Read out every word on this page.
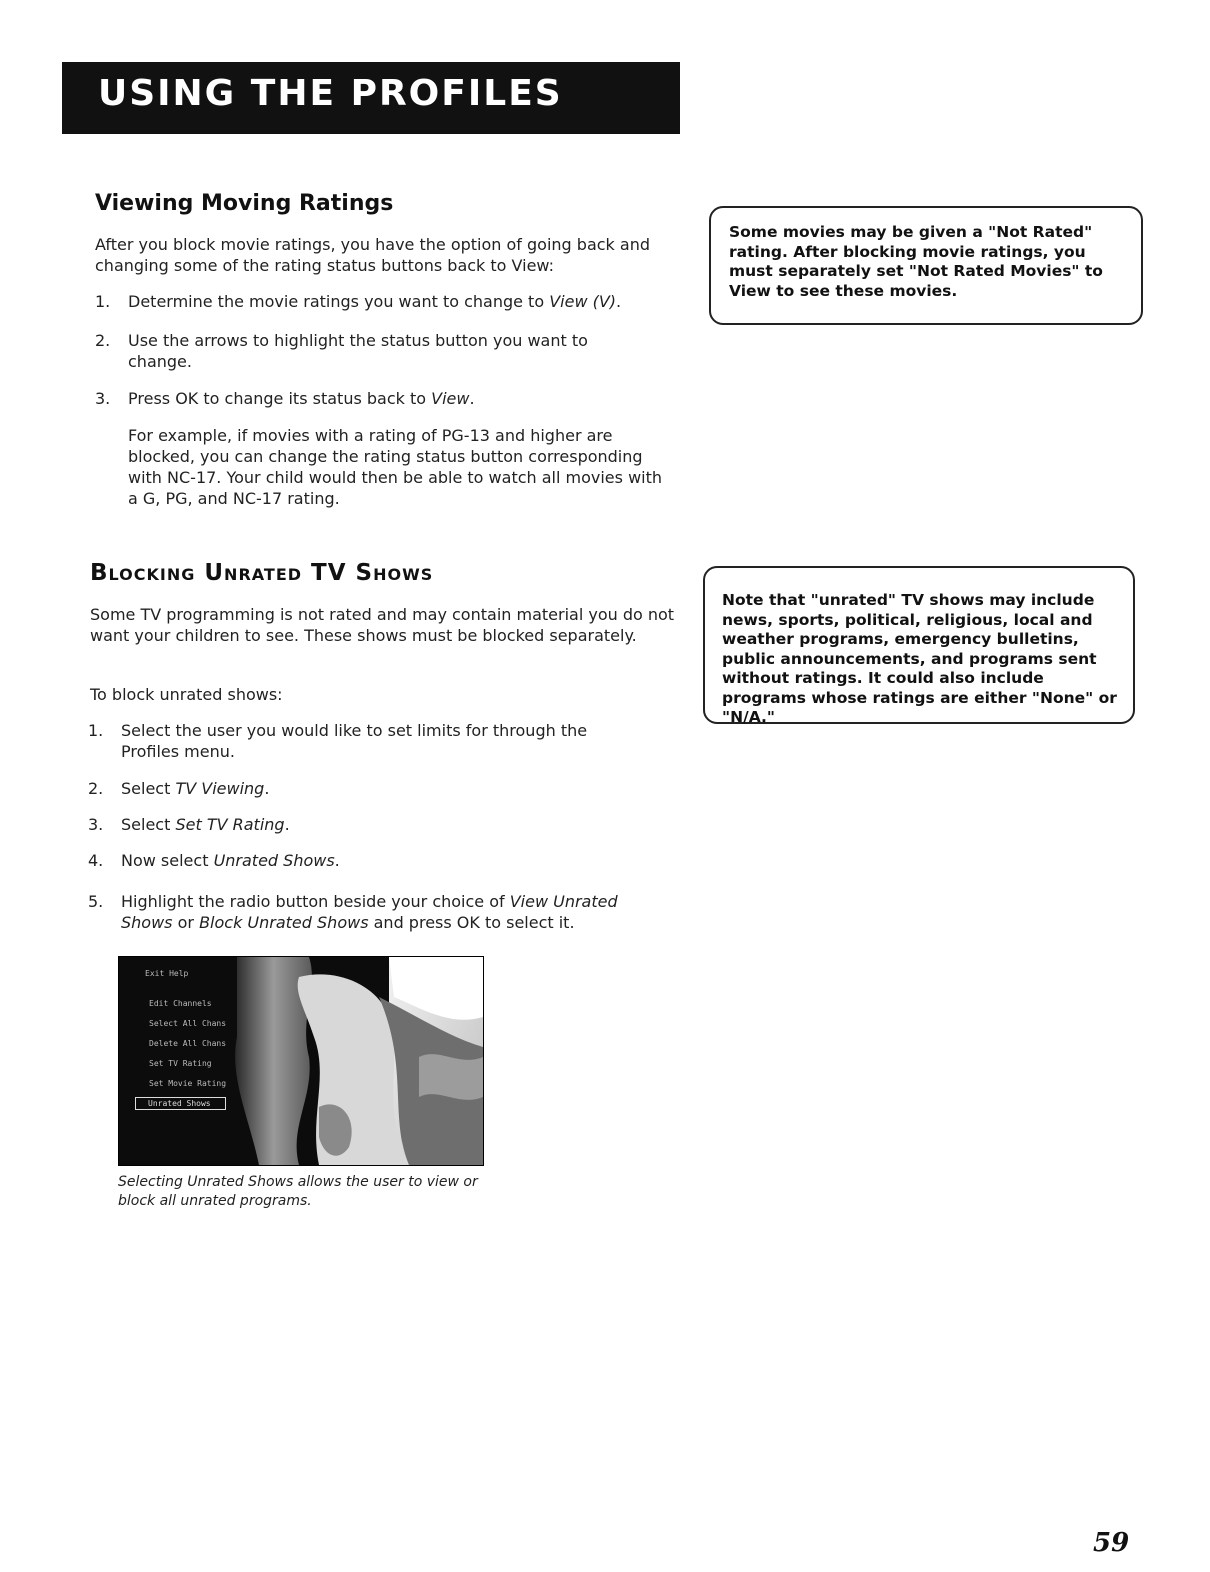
USING THE PROFILES
Viewing Moving Ratings
After you block movie ratings, you have the option of going back and changing some of the rating status buttons back to View:
1. Determine the movie ratings you want to change to View (V).
2. Use the arrows to highlight the status button you want to change.
3. Press OK to change its status back to View.
For example, if movies with a rating of PG-13 and higher are blocked, you can change the rating status button corresponding with NC-17. Your child would then be able to watch all movies with a G, PG, and NC-17 rating.
Some movies may be given a "Not Rated" rating. After blocking movie ratings, you must separately set "Not Rated Movies" to View to see these movies.
Blocking Unrated TV Shows
Some TV programming is not rated and may contain material you do not want your children to see. These shows must be blocked separately.
To block unrated shows:
1. Select the user you would like to set limits for through the Profiles menu.
2. Select TV Viewing.
3. Select Set TV Rating.
4. Now select Unrated Shows.
5. Highlight the radio button beside your choice of View Unrated Shows or Block Unrated Shows and press OK to select it.
Note that "unrated" TV shows may include news, sports, political, religious, local and weather programs, emergency bulletins, public announcements, and programs sent without ratings. It could also include programs whose ratings are either "None" or "N/A."
Exit Help
Edit Channels
Select All Chans
Delete All Chans
Set TV Rating
Set Movie Rating
Unrated Shows
Selecting Unrated Shows allows the user to view or block all unrated programs.
59
